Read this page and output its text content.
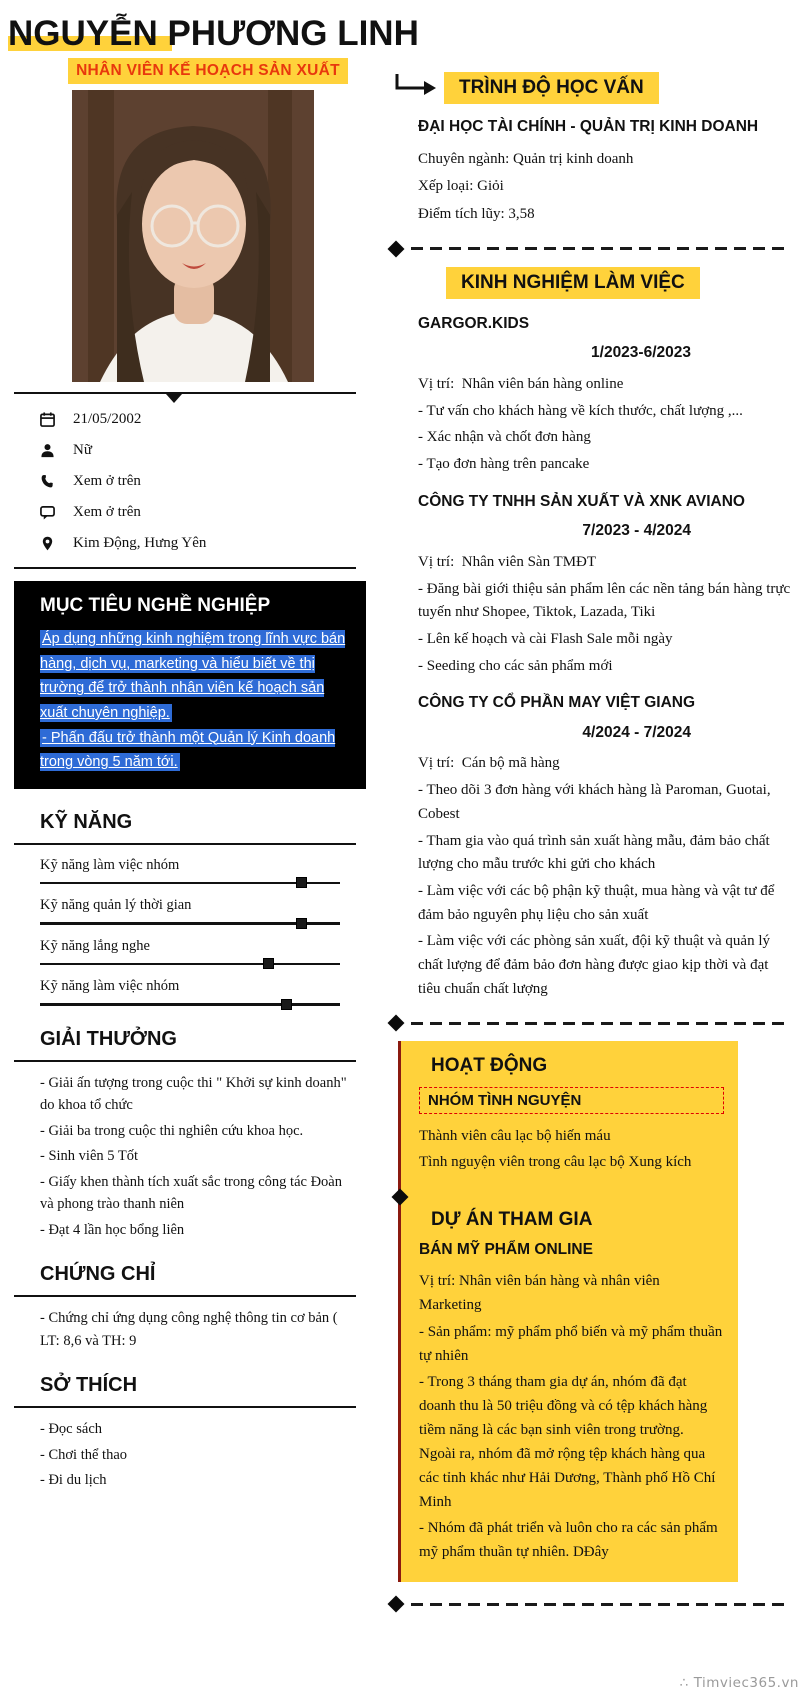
NGUYỄN PHƯƠNG LINH
NHÂN VIÊN KẾ HOẠCH SẢN XUẤT
21/05/2002
Nữ
Xem ở trên
Xem ở trên
Kim Động, Hưng Yên
MỤC TIÊU NGHỀ NGHIỆP

Áp dụng những kinh nghiệm trong lĩnh vực bán hàng, dịch vụ, marketing và hiểu biết về thị trường để trở thành nhân viên kế hoạch sản xuất chuyên nghiệp.

- Phấn đấu trở thành một Quản lý Kinh doanh trong vòng 5 năm tới.

KỸ NĂNG
Kỹ năng làm việc nhóm
Kỹ năng quản lý thời gian
Kỹ năng lắng nghe
Kỹ năng làm việc nhóm
GIẢI THƯỞNG
- Giải ấn tượng trong cuộc thi " Khởi sự kinh doanh" do khoa tổ chức
- Giải ba trong cuộc thi nghiên cứu khoa học.
- Sinh viên 5 Tốt
- Giấy khen thành tích xuất sắc trong công tác Đoàn và phong trào thanh niên
- Đạt 4 lần học bổng liên
CHỨNG CHỈ
- Chứng chỉ ứng dụng công nghệ thông tin cơ bản ( LT: 8,6 và TH: 9
SỞ THÍCH
- Đọc sách
- Chơi thể thao
- Đi du lịch
TRÌNH ĐỘ HỌC VẤN
ĐẠI HỌC TÀI CHÍNH - QUẢN TRỊ KINH DOANH
Chuyên ngành: Quản trị kinh doanh
Xếp loại: Giỏi
Điểm tích lũy: 3,58
KINH NGHIỆM LÀM VIỆC
GARGOR.KIDS
1/2023-6/2023
Vị trí:  Nhân viên bán hàng online
- Tư vấn cho khách hàng về kích thước, chất lượng ,...
- Xác nhận và chốt đơn hàng
- Tạo đơn hàng trên pancake
CÔNG TY TNHH SẢN XUẤT VÀ XNK AVIANO
7/2023 - 4/2024
Vị trí:  Nhân viên Sàn TMĐT
- Đăng bài giới thiệu sản phẩm lên các nền tảng bán hàng trực tuyến như Shopee, Tiktok, Lazada, Tiki
- Lên kế hoạch và cài Flash Sale mỗi ngày
- Seeding cho các sản phẩm mới
CÔNG TY CỔ PHẦN MAY VIỆT GIANG
4/2024 - 7/2024
Vị trí:  Cán bộ mã hàng
- Theo dõi 3 đơn hàng với khách hàng là Paroman, Guotai, Cobest
- Tham gia vào quá trình sản xuất hàng mẫu, đảm bảo chất lượng cho mẫu trước khi gửi cho khách
- Làm việc với các bộ phận kỹ thuật, mua hàng và vật tư để đảm bảo nguyên phụ liệu cho sản xuất
- Làm việc với các phòng sản xuất, đội kỹ thuật và quản lý chất lượng để đảm bảo đơn hàng được giao kịp thời và đạt tiêu chuẩn chất lượng
HOẠT ĐỘNG
NHÓM TÌNH NGUYỆN
Thành viên câu lạc bộ hiến máu
Tình nguyện viên trong câu lạc bộ Xung kích
DỰ ÁN THAM GIA
BÁN MỸ PHẨM ONLINE
Vị trí: Nhân viên bán hàng và nhân viên Marketing
- Sản phẩm: mỹ phẩm phổ biến và mỹ phẩm thuần tự nhiên
- Trong 3 tháng tham gia dự án, nhóm đã đạt doanh thu là 50 triệu đồng và có tệp khách hàng tiềm năng là các bạn sinh viên trong trường. Ngoài ra, nhóm đã mở rộng tệp khách hàng qua các tỉnh khác như Hải Dương, Thành phố Hồ Chí Minh
- Nhóm đã phát triển và luôn cho ra các sản phẩm mỹ phẩm thuần tự nhiên. DĐây
∴ Timviec365.vn
